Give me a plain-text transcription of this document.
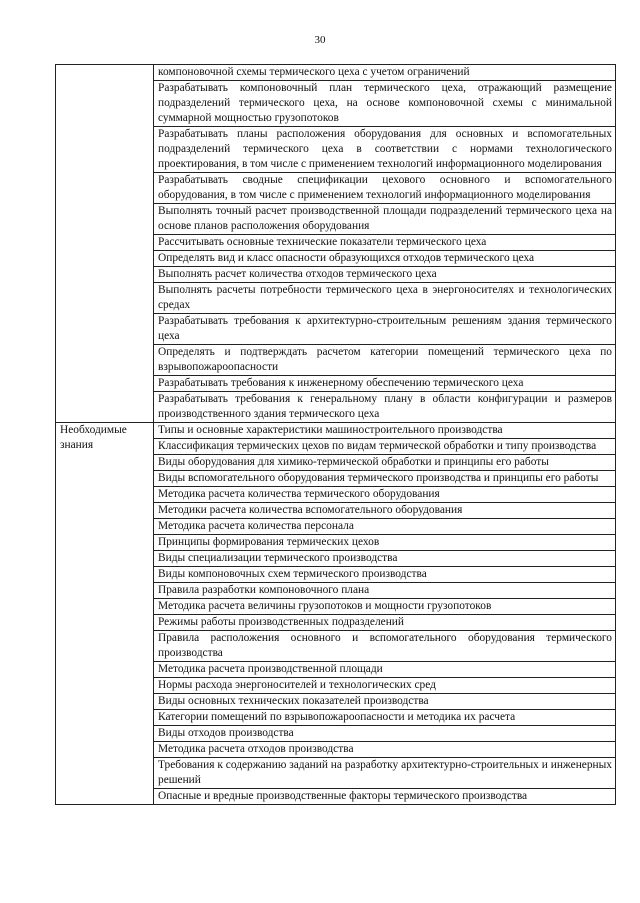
30
	компоновочной схемы термического цеха с учетом ограничений
	Разрабатывать компоновочный план термического цеха, отражающий размещение подразделений термического цеха, на основе компоновочной схемы с минимальной суммарной мощностью грузопотоков
	Разрабатывать планы расположения оборудования для основных и вспомогательных подразделений термического цеха в соответствии с нормами технологического проектирования, в том числе с применением технологий информационного моделирования
	Разрабатывать сводные спецификации цехового основного и вспомогательного оборудования, в том числе с применением технологий информационного моделирования
	Выполнять точный расчет производственной площади подразделений термического цеха на основе планов расположения оборудования
	Рассчитывать основные технические показатели термического цеха
	Определять вид и класс опасности образующихся отходов термического цеха
	Выполнять расчет количества отходов термического цеха
	Выполнять расчеты потребности термического цеха в энергоносителях и технологических средах
	Разрабатывать требования к архитектурно-строительным решениям здания термического цеха
	Определять и подтверждать расчетом категории помещений термического цеха по взрывопожароопасности
	Разрабатывать требования к инженерному обеспечению термического цеха
	Разрабатывать требования к генеральному плану в области конфигурации и размеров производственного здания термического цеха
Необходимые знания	Типы и основные характеристики машиностроительного производства
	Классификация термических цехов по видам термической обработки и типу производства
	Виды оборудования для химико-термической обработки и принципы его работы
	Виды вспомогательного оборудования термического производства и принципы его работы
	Методика расчета количества термического оборудования
	Методики расчета количества вспомогательного оборудования
	Методика расчета количества персонала
	Принципы формирования термических цехов
	Виды специализации термического производства
	Виды компоновочных схем термического производства
	Правила разработки компоновочного плана
	Методика расчета величины грузопотоков и мощности грузопотоков
	Режимы работы производственных подразделений
	Правила расположения основного и вспомогательного оборудования термического производства
	Методика расчета производственной площади
	Нормы расхода энергоносителей и технологических сред
	Виды основных технических показателей производства
	Категории помещений по взрывопожароопасности и методика их расчета
	Виды отходов производства
	Методика расчета отходов производства
	Требования к содержанию заданий на разработку архитектурно-строительных и инженерных решений
	Опасные и вредные производственные факторы термического производства
